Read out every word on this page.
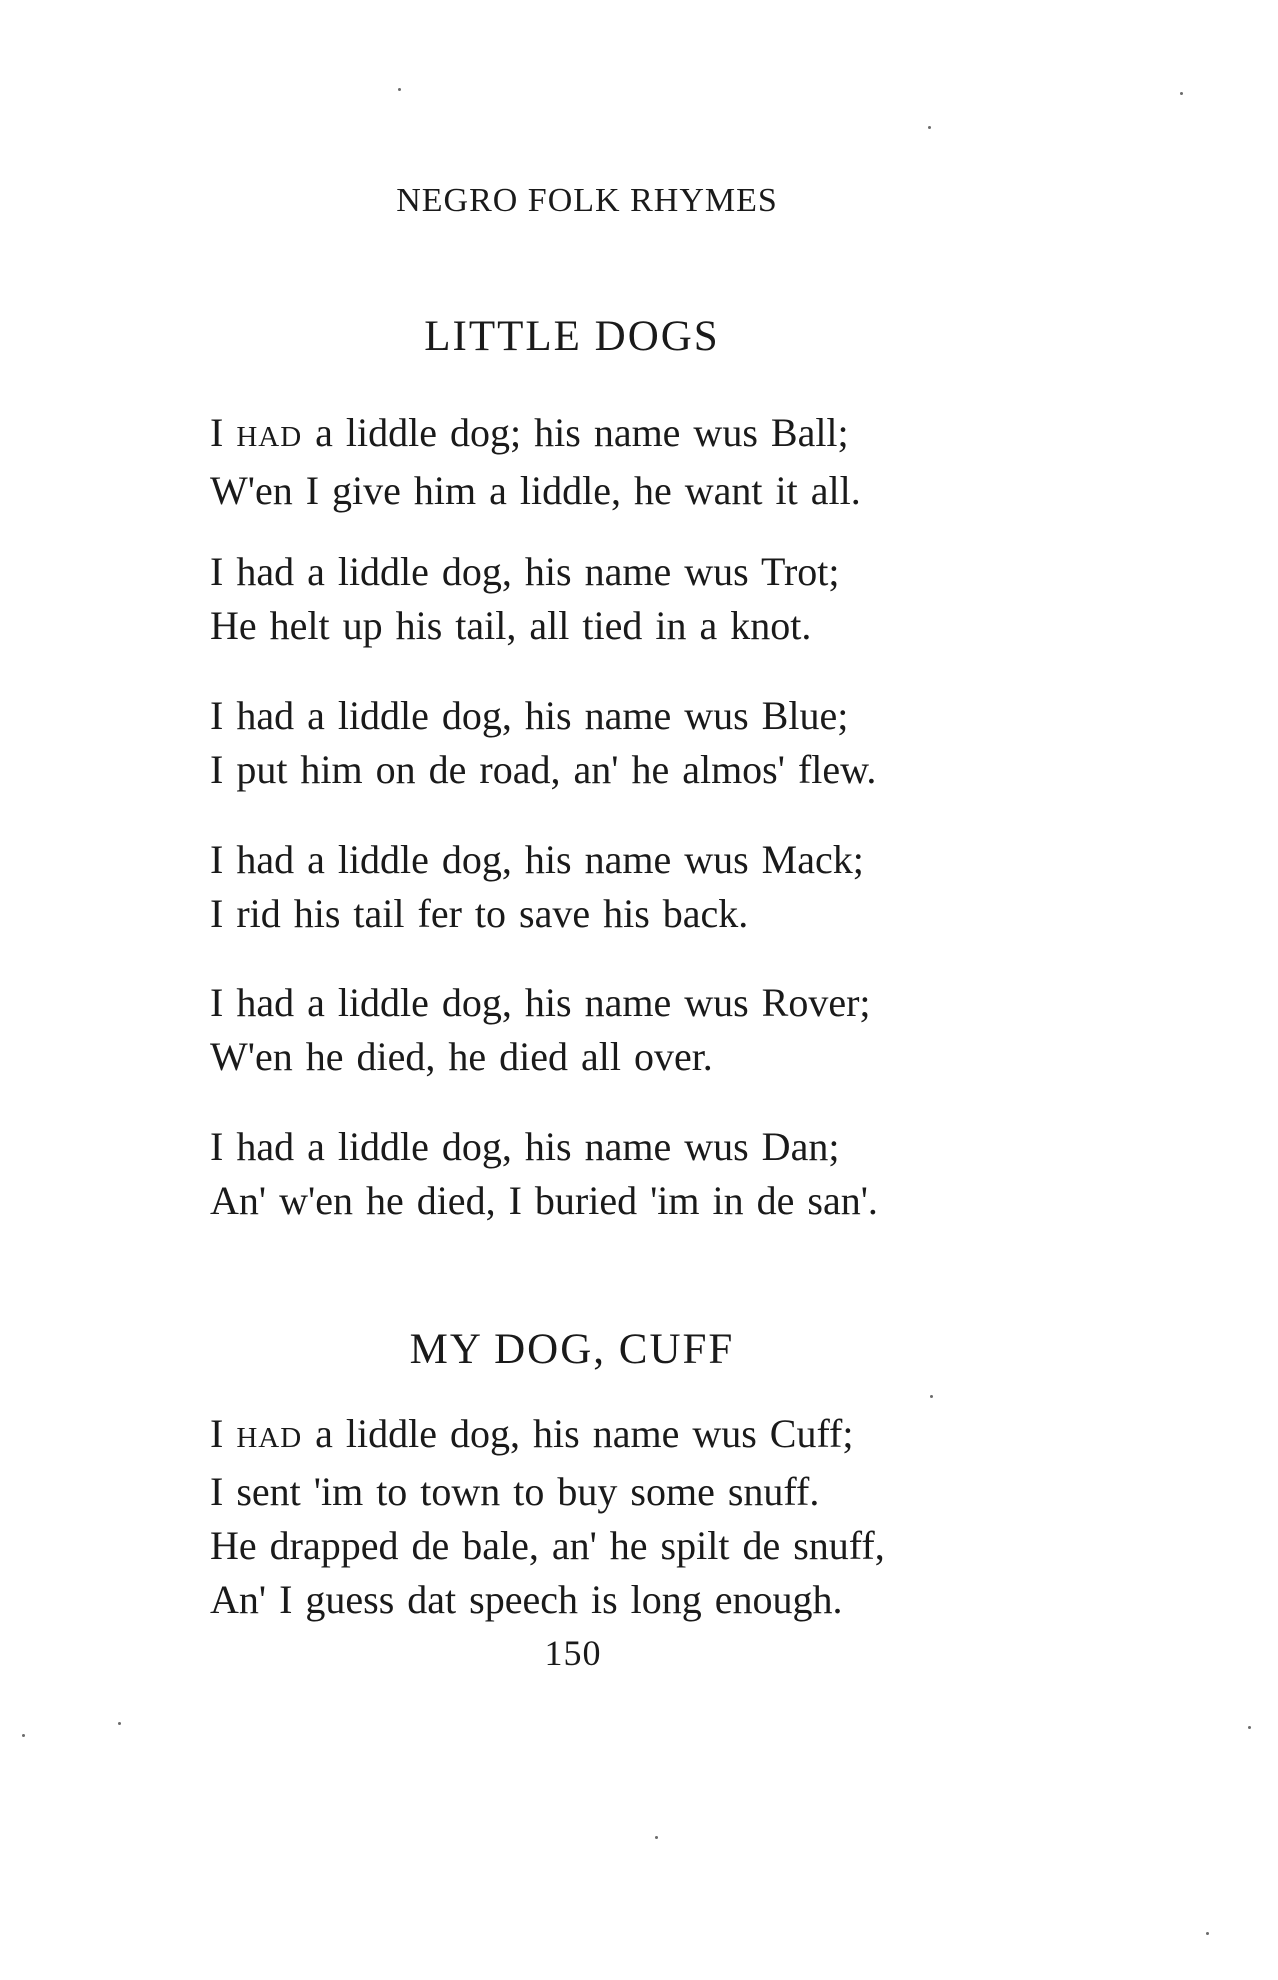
NEGRO FOLK RHYMES
LITTLE DOGS
I HAD a liddle dog; his name wus Ball;
W'en I give him a liddle, he want it all.
I had a liddle dog, his name wus Trot;
He helt up his tail, all tied in a knot.
I had a liddle dog, his name wus Blue;
I put him on de road, an' he almos' flew.
I had a liddle dog, his name wus Mack;
I rid his tail fer to save his back.
I had a liddle dog, his name wus Rover;
W'en he died, he died all over.
I had a liddle dog, his name wus Dan;
An' w'en he died, I buried 'im in de san'.
MY DOG, CUFF
I HAD a liddle dog, his name wus Cuff;
I sent 'im to town to buy some snuff.
He drapped de bale, an' he spilt de snuff,
An' I guess dat speech is long enough.
150
